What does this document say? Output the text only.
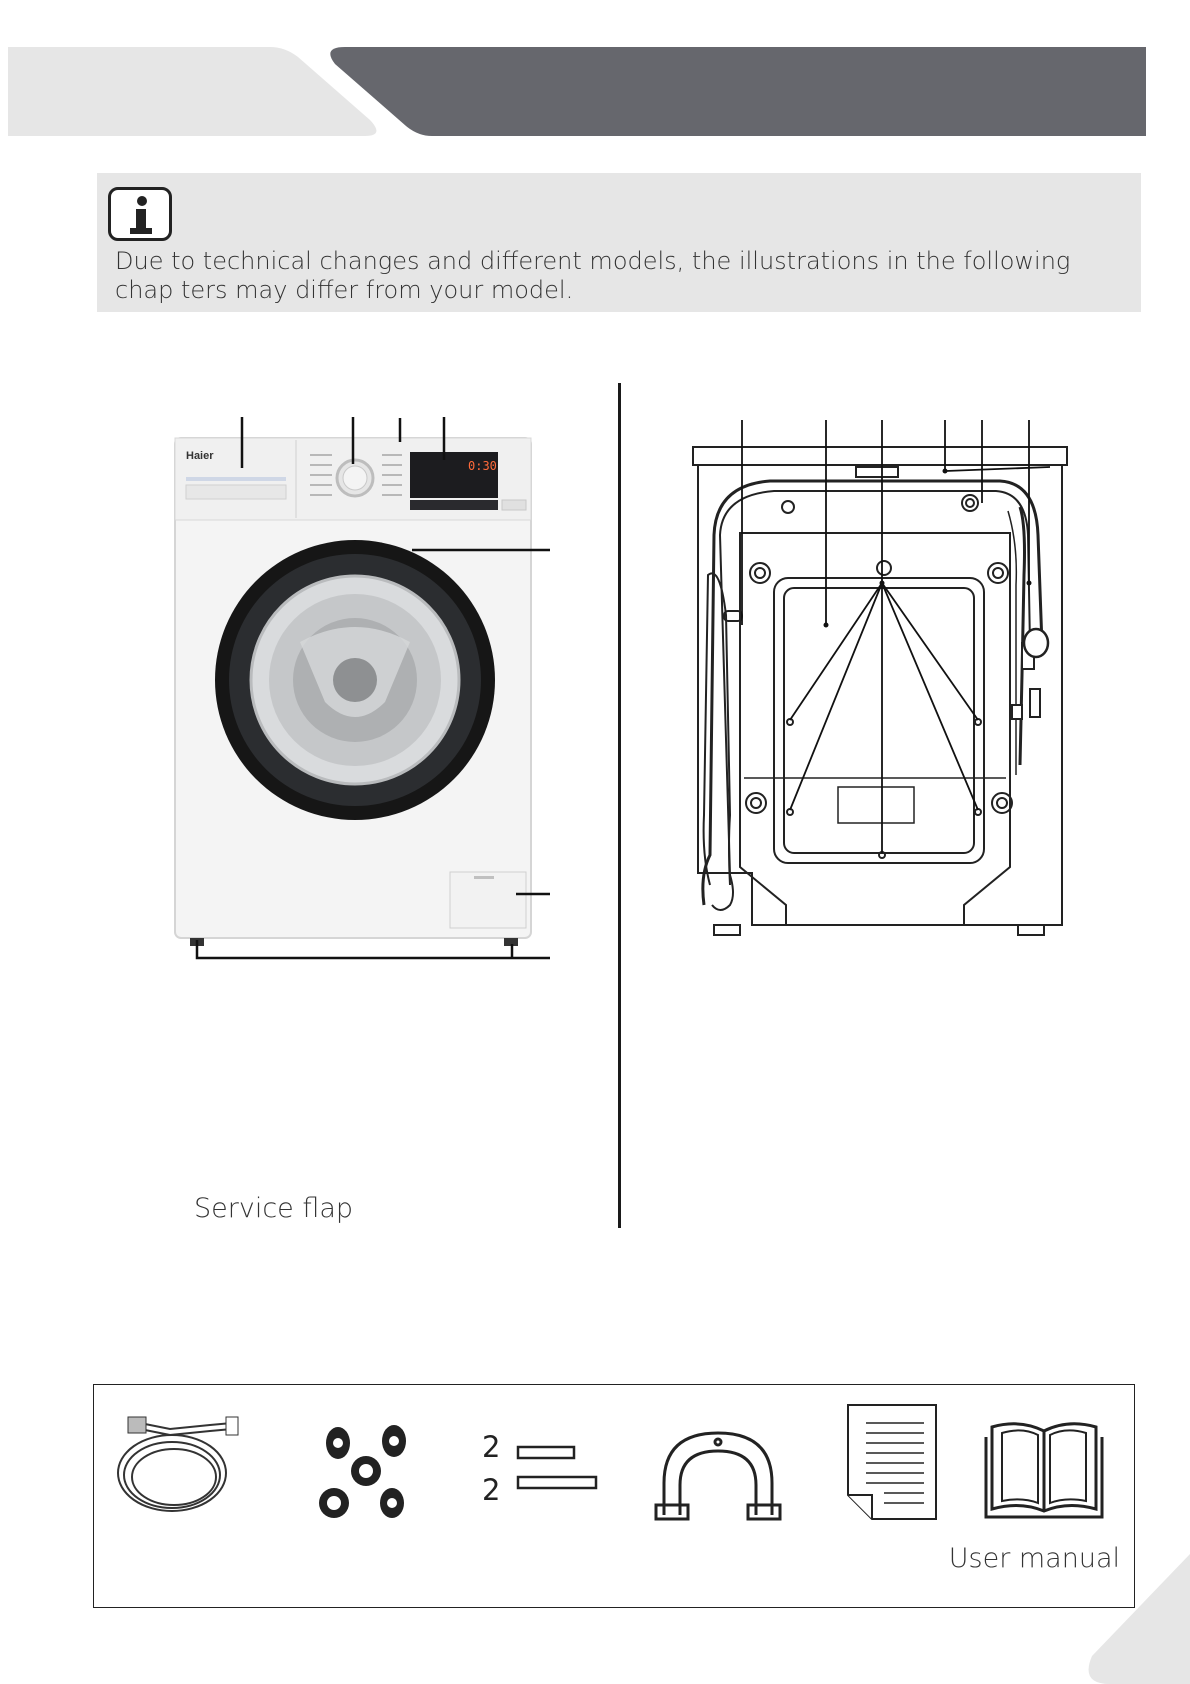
Due to technical changes and different models, the illustrations in the following chap ters may differ from your model.
Haier
0:30
Service flap
2
2
User manual
